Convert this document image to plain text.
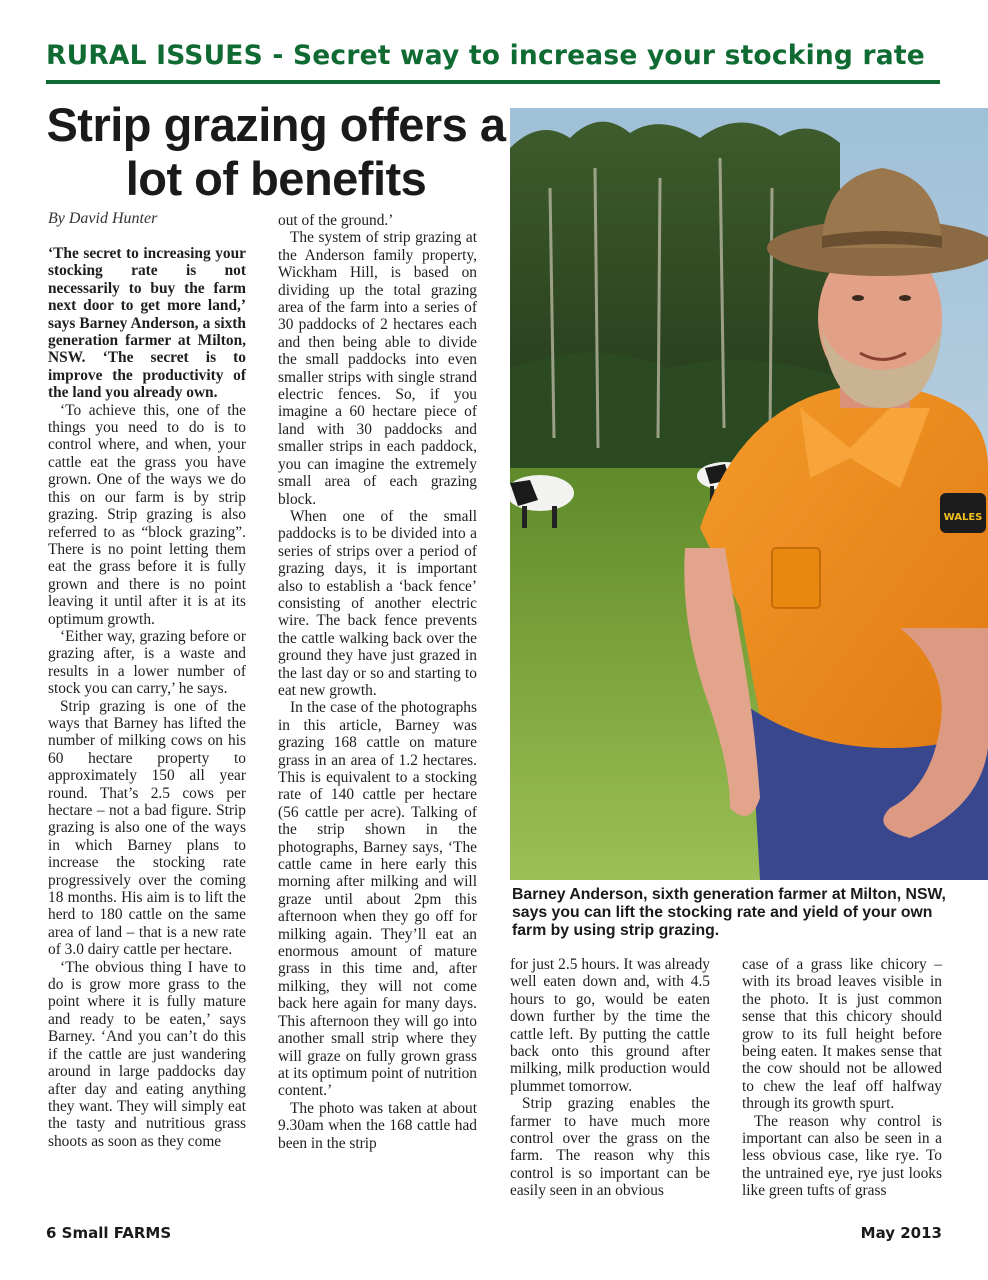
RURAL ISSUES - Secret way to increase your stocking rate
Strip grazing offers a lot of benefits
By David Hunter

‘The secret to increasing your stocking rate is not necessarily to buy the farm next door to get more land,’ says Barney Anderson, a sixth generation farmer at Milton, NSW. ‘The secret is to improve the productivity of the land you already own.

‘To achieve this, one of the things you need to do is to control where, and when, your cattle eat the grass you have grown. One of the ways we do this on our farm is by strip grazing. Strip grazing is also referred to as “block grazing”. There is no point letting them eat the grass before it is fully grown and there is no point leaving it until after it is at its optimum growth.

‘Either way, grazing before or grazing after, is a waste and results in a lower number of stock you can carry,’ he says.

Strip grazing is one of the ways that Barney has lifted the number of milking cows on his 60 hectare property to approximately 150 all year round. That’s 2.5 cows per hectare – not a bad figure. Strip grazing is also one of the ways in which Barney plans to increase the stocking rate progressively over the coming 18 months. His aim is to lift the herd to 180 cattle on the same area of land – that is a new rate of 3.0 dairy cattle per hectare.

‘The obvious thing I have to do is grow more grass to the point where it is fully mature and ready to be eaten,’ says Barney. ‘And you can’t do this if the cattle are just wandering around in large paddocks day after day and eating anything they want. They will simply eat the tasty and nutritious grass shoots as soon as they come

out of the ground.’

The system of strip grazing at the Anderson family property, Wickham Hill, is based on dividing up the total grazing area of the farm into a series of 30 paddocks of 2 hectares each and then being able to divide the small paddocks into even smaller strips with single strand electric fences. So, if you imagine a 60 hectare piece of land with 30 paddocks and smaller strips in each paddock, you can imagine the extremely small area of each grazing block.

When one of the small paddocks is to be divided into a series of strips over a period of grazing days, it is important also to establish a ‘back fence’ consisting of another electric wire. The back fence prevents the cattle walking back over the ground they have just grazed in the last day or so and starting to eat new growth.

In the case of the photographs in this article, Barney was grazing 168 cattle on mature grass in an area of 1.2 hectares. This is equivalent to a stocking rate of 140 cattle per hectare (56 cattle per acre). Talking of the strip shown in the photographs, Barney says, ‘The cattle came in here early this morning after milking and will graze until about 2pm this afternoon when they go off for milking again. They’ll eat an enormous amount of mature grass in this time and, after milking, they will not come back here again for many days. This afternoon they will go into another small strip where they will graze on fully grown grass at its optimum point of nutrition content.’

The photo was taken at about 9.30am when the 168 cattle had been in the strip

WALES
Barney Anderson, sixth generation farmer at Milton, NSW, says you can lift the stocking rate and yield of your own farm by using strip grazing.

for just 2.5 hours. It was already well eaten down and, with 4.5 hours to go, would be eaten down further by the time the cattle left. By putting the cattle back onto this ground after milking, milk production would plummet tomorrow.

Strip grazing enables the farmer to have much more control over the grass on the farm. The reason why this control is so important can be easily seen in an obvious

case of a grass like chicory – with its broad leaves visible in the photo. It is just common sense that this chicory should grow to its full height before being eaten. It makes sense that the cow should not be allowed to chew the leaf off halfway through its growth spurt.

The reason why control is important can also be seen in a less obvious case, like rye. To the untrained eye, rye just looks like green tufts of grass

6 Small FARMS	May 2013
